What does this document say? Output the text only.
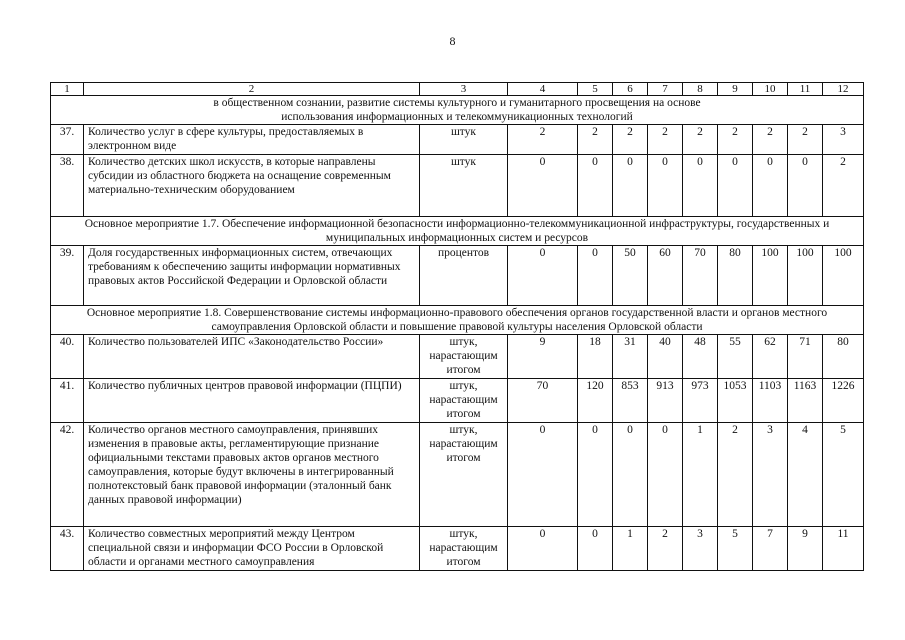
8
1	2	3	4	5	6	7	8	9	10	11	12
в общественном сознании, развитие системы культурного и гуманитарного просвещения на основе использования информационных и телекоммуникационных технологий											
37.	Количество услуг в сфере культуры, предоставляемых в электронном виде	штук	2	2	2	2	2	2	2	2	3
38.	Количество детских школ искусств, в которые направлены субсидии из областного бюджета на оснащение современным материально-техническим оборудованием	штук	0	0	0	0	0	0	0	0	2
Основное мероприятие 1.7. Обеспечение информационной безопасности информационно-телекоммуникационной инфраструктуры, государственных и муниципальных информационных систем и ресурсов											
39.	Доля государственных информационных систем, отвечающих требованиям к обеспечению защиты информации нормативных правовых актов Российской Федерации и Орловской области	процентов	0	0	50	60	70	80	100	100	100
Основное мероприятие 1.8. Совершенствование системы информационно-правового обеспечения органов государственной власти и органов местного самоуправления Орловской области и повышение правовой культуры населения Орловской области											
40.	Количество пользователей ИПС «Законодательство России»	штук, нарастающим итогом	9	18	31	40	48	55	62	71	80
41.	Количество публичных центров правовой информации (ПЦПИ)	штук, нарастающим итогом	70	120	853	913	973	1053	1103	1163	1226
42.	Количество органов местного самоуправления, принявших изменения в правовые акты, регламентирующие признание официальными текстами правовых актов органов местного самоуправления, которые будут включены в интегрированный полнотекстовый банк правовой информации (эталонный банк данных правовой информации)	штук, нарастающим итогом	0	0	0	0	1	2	3	4	5
43.	Количество совместных мероприятий между Центром специальной связи и информации ФСО России в Орловской области и органами местного самоуправления	штук, нарастающим итогом	0	0	1	2	3	5	7	9	11
